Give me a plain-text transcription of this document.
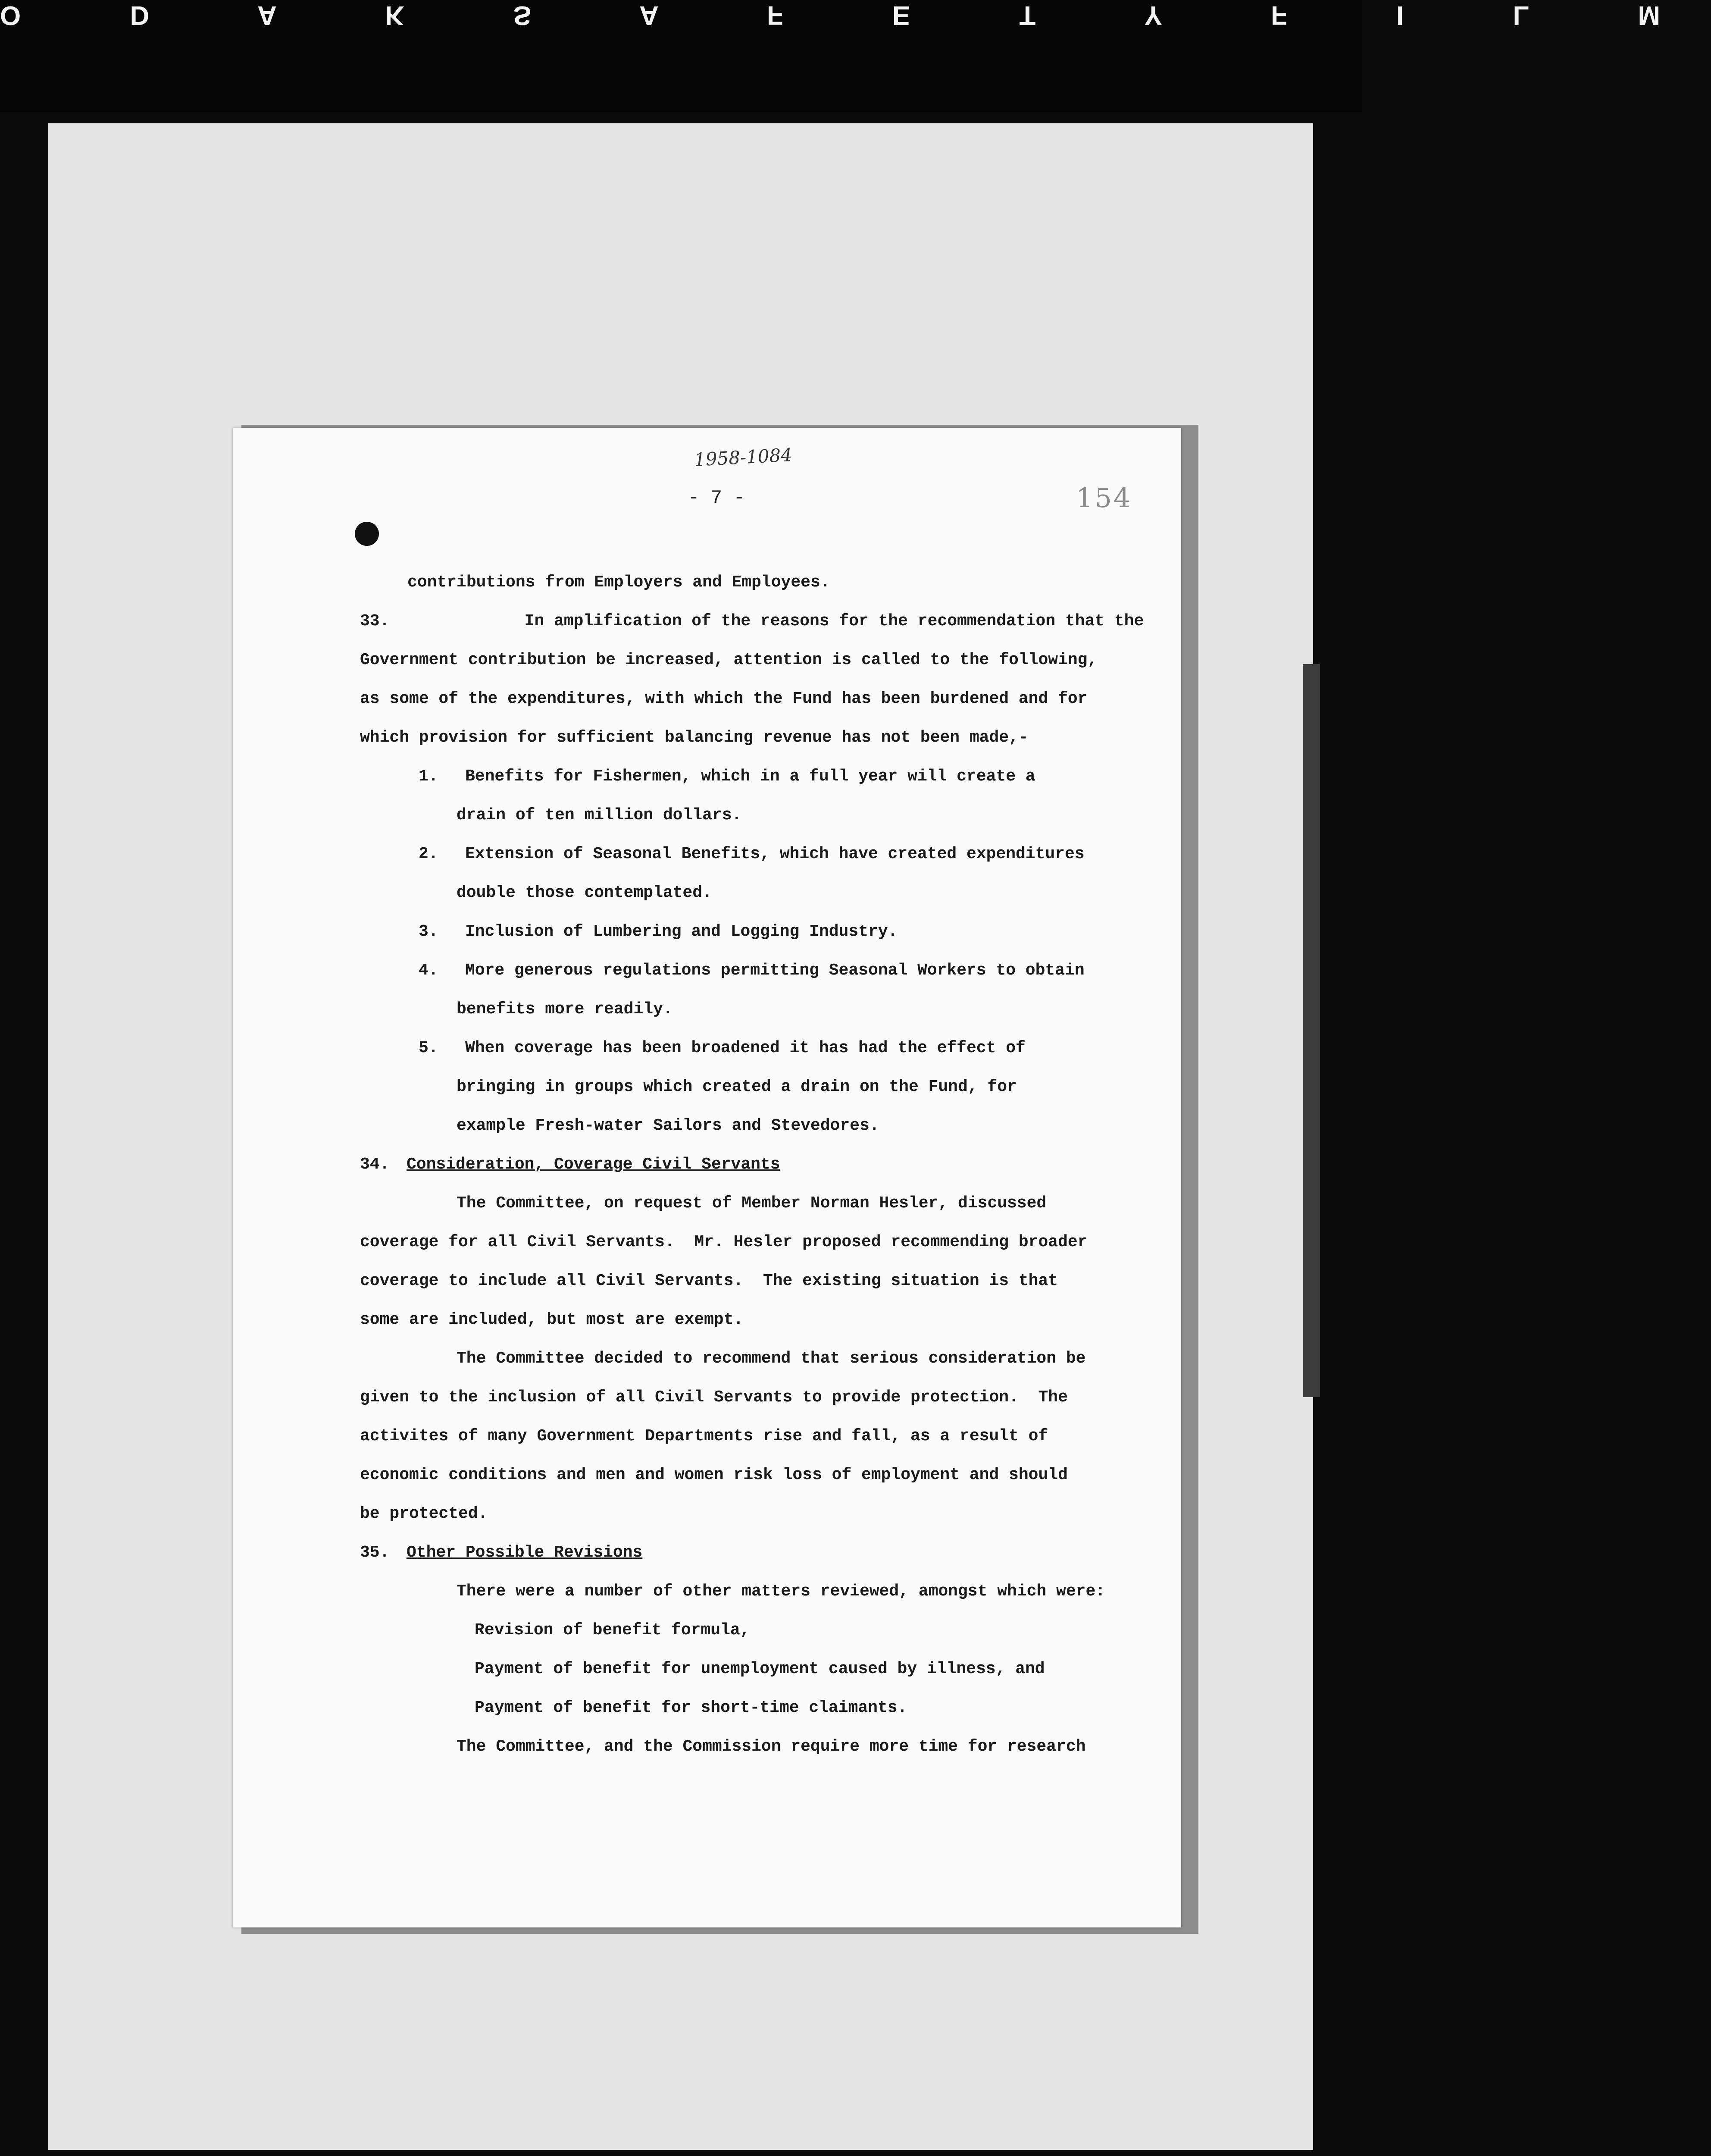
O D A K S A F E T Y F I L M
1958-1084
- 7 -	154
contributions from Employers and Employees.
33.            In amplification of the reasons for the recommendation that the
Government contribution be increased, attention is called to the following,
as some of the expenditures, with which the Fund has been burdened and for
which provision for sufficient balancing revenue has not been made,-
1. Benefits for Fishermen, which in a full year will create a
drain of ten million dollars.
2. Extension of Seasonal Benefits, which have created expenditures
double those contemplated.
3. Inclusion of Lumbering and Logging Industry.
4. More generous regulations permitting Seasonal Workers to obtain
benefits more readily.
5. When coverage has been broadened it has had the effect of
bringing in groups which created a drain on the Fund, for
example Fresh-water Sailors and Stevedores.
34. Consideration, Coverage Civil Servants
The Committee, on request of Member Norman Hesler, discussed
coverage for all Civil Servants.  Mr. Hesler proposed recommending broader
coverage to include all Civil Servants.  The existing situation is that
some are included, but most are exempt.
The Committee decided to recommend that serious consideration be
given to the inclusion of all Civil Servants to provide protection.  The
activites of many Government Departments rise and fall, as a result of
economic conditions and men and women risk loss of employment and should
be protected.
35. Other Possible Revisions
There were a number of other matters reviewed, amongst which were:
Revision of benefit formula,
Payment of benefit for unemployment caused by illness, and
Payment of benefit for short-time claimants.
The Committee, and the Commission require more time for research
